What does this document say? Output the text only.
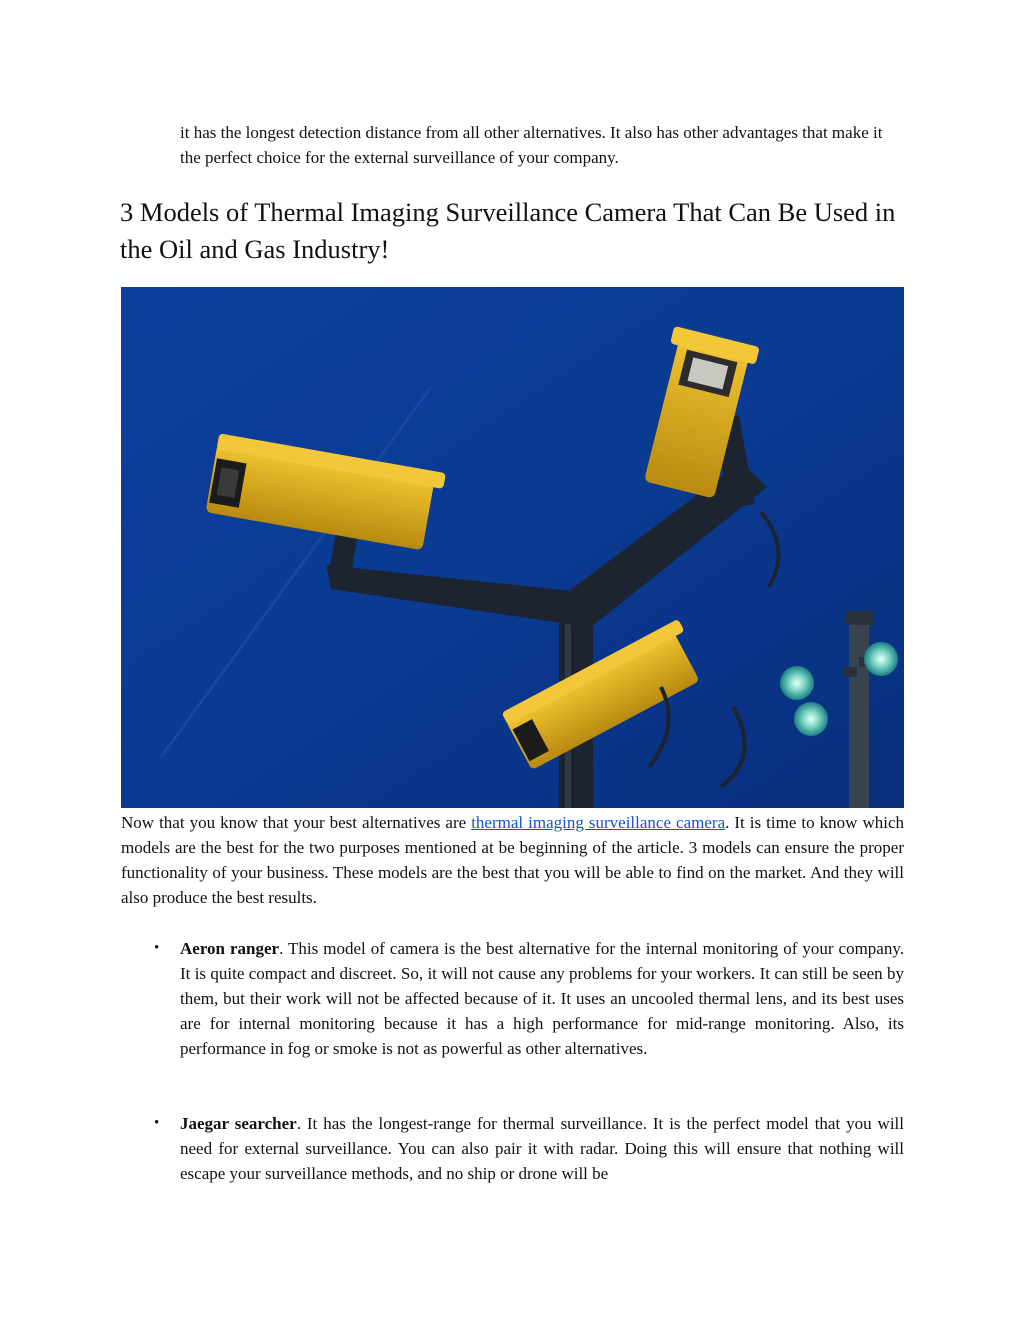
it has the longest detection distance from all other alternatives. It also has other advantages that make it the perfect choice for the external surveillance of your company.

3 Models of Thermal Imaging Surveillance Camera That Can Be Used in the Oil and Gas Industry!

Now that you know that your best alternatives are thermal imaging surveillance camera. It is time to know which models are the best for the two purposes mentioned at be beginning of the article. 3 models can ensure the proper functionality of your business. These models are the best that you will be able to find on the market. And they will also produce the best results.

• Aeron ranger. This model of camera is the best alternative for the internal monitoring of your company. It is quite compact and discreet. So, it will not cause any problems for your workers. It can still be seen by them, but their work will not be affected because of it. It uses an uncooled thermal lens, and its best uses are for internal monitoring because it has a high performance for mid-range monitoring. Also, its performance in fog or smoke is not as powerful as other alternatives.
• Jaegar searcher. It has the longest-range for thermal surveillance. It is the perfect model that you will need for external surveillance. You can also pair it with radar. Doing this will ensure that nothing will escape your surveillance methods, and no ship or drone will be
